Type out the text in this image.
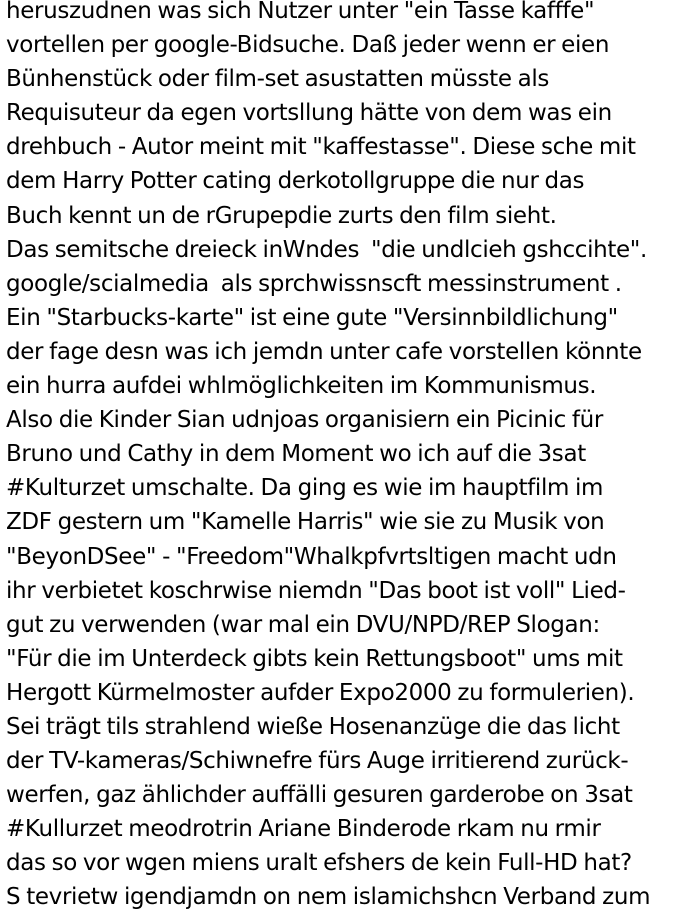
heruszudnen was sich Nutzer unter "ein Tasse kafffe"
vortellen per google-Bidsuche. Daß jeder wenn er eien
Bünhenstück oder film-set asustatten müsste als
Requisuteur da egen vortsllung hätte von dem was ein
drehbuch - Autor meint mit "kaffestasse". Diese sche mit
dem Harry Potter cating derkotollgruppe die nur das
Buch kennt un de rGrupepdie zurts den film sieht.
Das semitsche dreieck inWndes  "die undlcieh gshccihte".
google/scialmedia  als sprchwissnscft messinstrument .
Ein "Starbucks-karte" ist eine gute "Versinnbildlichung"
der fage desn was ich jemdn unter cafe vorstellen könnte
ein hurra aufdei whlmöglichkeiten im Kommunismus.
Also die Kinder Sian udnjoas organisiern ein Picinic für
Bruno und Cathy in dem Moment wo ich auf die 3sat
#Kulturzet umschalte. Da ging es wie im hauptfilm im
ZDF gestern um "Kamelle Harris" wie sie zu Musik von
"BeyonDSee" - "Freedom"Whalkpfvrtsltigen macht udn
ihr verbietet koschrwise niemdn "Das boot ist voll" Lied-
gut zu verwenden (war mal ein DVU/NPD/REP Slogan:
"Für die im Unterdeck gibts kein Rettungsboot" ums mit
Hergott Kürmelmoster aufder Expo2000 zu formulerien).
Sei trägt tils strahlend wieße Hosenanzüge die das licht
der TV-kameras/Schiwnefre fürs Auge irritierend zurück-
werfen, gaz ählichder auffälli gesuren garderobe on 3sat
#Kullurzet meodrotrin Ariane Binderode rkam nu rmir
das so vor wgen miens uralt efshers de kein Full-HD hat?
S tevrietw igendjamdn on nem islamichshcn Verband zum
